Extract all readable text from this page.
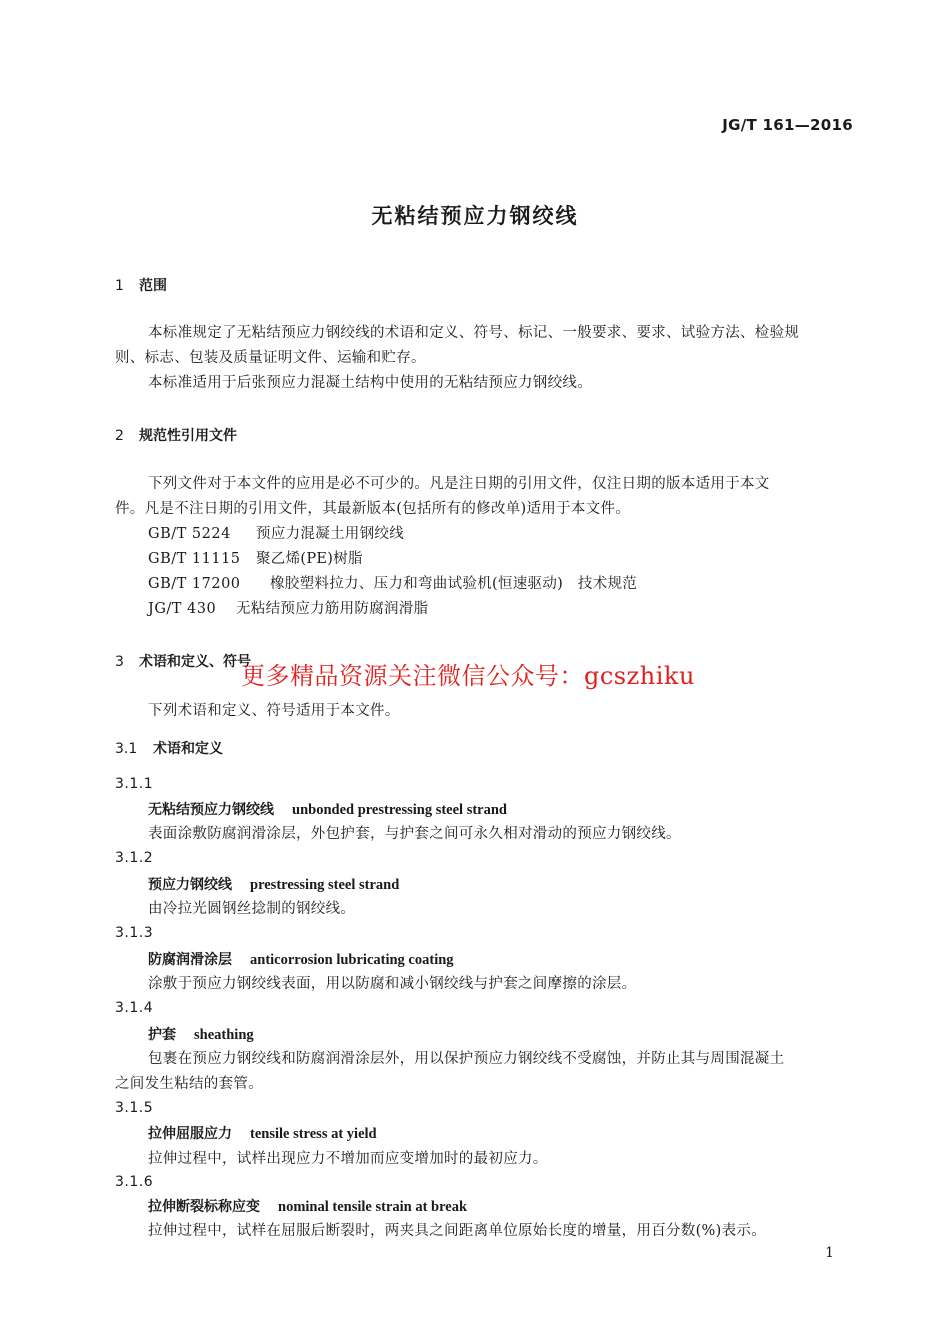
JG/T 161—2016
无粘结预应力钢绞线
1 范围
本标准规定了无粘结预应力钢绞线的术语和定义、符号、标记、一般要求、要求、试验方法、检验规
则、标志、包装及质量证明文件、运输和贮存。
本标准适用于后张预应力混凝土结构中使用的无粘结预应力钢绞线。
2 规范性引用文件
下列文件对于本文件的应用是必不可少的。凡是注日期的引用文件，仅注日期的版本适用于本文
件。凡是不注日期的引用文件，其最新版本(包括所有的修改单)适用于本文件。
GB/T 5224 预应力混凝土用钢绞线
GB/T 11115 聚乙烯(PE)树脂
GB/T 17200 橡胶塑料拉力、压力和弯曲试验机(恒速驱动)　技术规范
JG/T 430 无粘结预应力筋用防腐润滑脂
3 术语和定义、符号
更多精品资源关注微信公众号：gcszhiku
下列术语和定义、符号适用于本文件。
3.1 术语和定义
3.1.1
无粘结预应力钢绞线 unbonded prestressing steel strand
表面涂敷防腐润滑涂层，外包护套，与护套之间可永久相对滑动的预应力钢绞线。
3.1.2
预应力钢绞线 prestressing steel strand
由冷拉光圆钢丝捻制的钢绞线。
3.1.3
防腐润滑涂层 anticorrosion lubricating coating
涂敷于预应力钢绞线表面，用以防腐和减小钢绞线与护套之间摩擦的涂层。
3.1.4
护套 sheathing
包裹在预应力钢绞线和防腐润滑涂层外，用以保护预应力钢绞线不受腐蚀，并防止其与周围混凝土
之间发生粘结的套管。
3.1.5
拉伸屈服应力 tensile stress at yield
拉伸过程中，试样出现应力不增加而应变增加时的最初应力。
3.1.6
拉伸断裂标称应变 nominal tensile strain at break
拉伸过程中，试样在屈服后断裂时，两夹具之间距离单位原始长度的增量，用百分数(%)表示。
1
